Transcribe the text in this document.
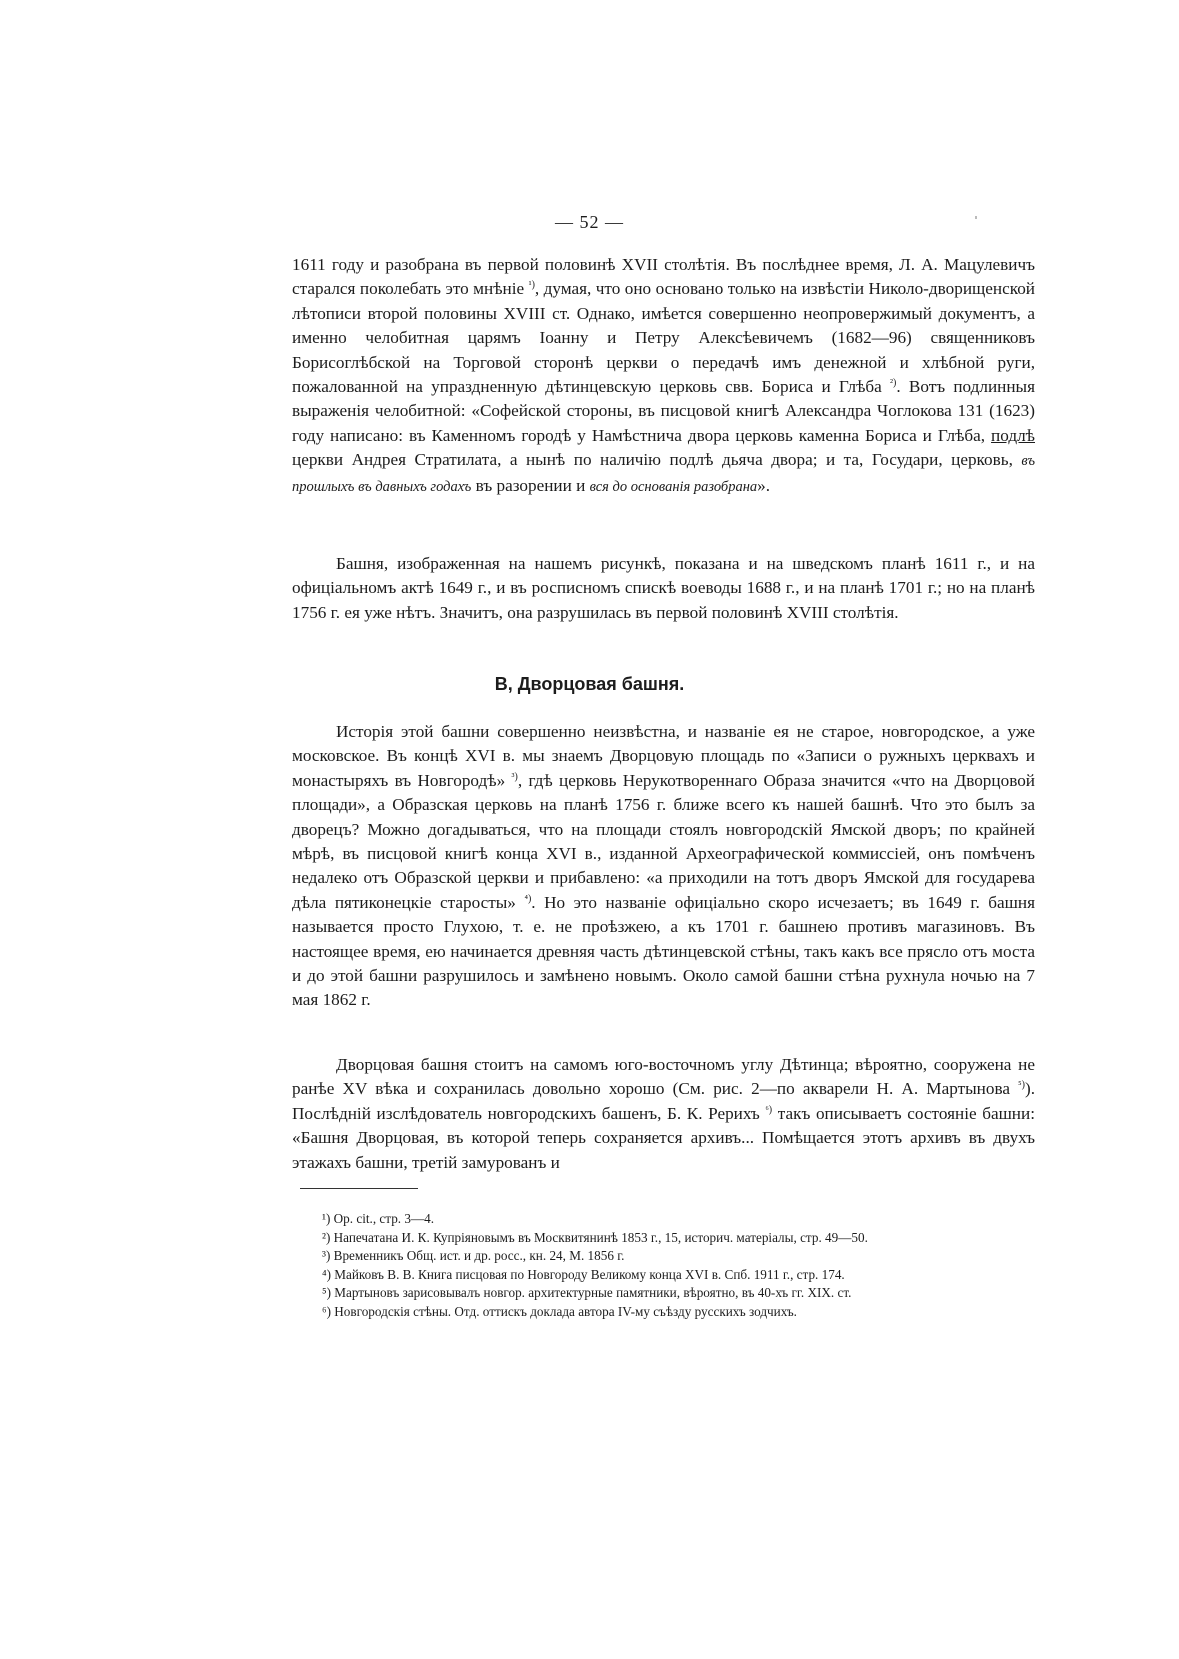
— 52 —

1611 году и разобрана въ первой половинѣ XVII столѣтія. Въ послѣднее время, Л. А. Мацулевичъ старался поколебать это мнѣніе $^{^1)}$, думая, что оно основано только на извѣстіи Николо-дворищенской лѣтописи второй половины XVIII ст. Однако, имѣется совершенно неопровержимый документъ, а именно челобитная царямъ Іоанну и Петру Алексѣевичемъ (1682—96) священниковъ Борисоглѣбской на Торговой сторонѣ церкви о передачѣ имъ денежной и хлѣбной руги, пожалованной на упраздненную дѣтинцевскую церковь свв. Бориса и Глѣба $^{^2)}$. Вотъ подлинныя выраженія челобитной: «Софейской стороны, въ писцовой книгѣ Александра Чоглокова 131 (1623) году написано: въ Каменномъ городѣ у Намѣстнича двора церковь каменна Бориса и Глѣба, подлѣ церкви Андрея Стратилата, а нынѣ по наличію подлѣ дьяча двора; и та, Государи, церковь, въ прошлыхъ въ давныхъ годахъ въ разорении и вся до основанія разобрана».

Башня, изображенная на нашемъ рисункѣ, показана и на шведскомъ планѣ 1611 г., и на офиціальномъ актѣ 1649 г., и въ росписномъ спискѣ воеводы 1688 г., и на планѣ 1701 г.; но на планѣ 1756 г. ея уже нѣтъ. Значитъ, она разрушилась въ первой половинѣ XVIII столѣтія.

В, Дворцовая башня.

Исторія этой башни совершенно неизвѣстна, и названіе ея не старое, новгородское, а уже московское. Въ концѣ XVI в. мы знаемъ Дворцовую площадь по «Записи о ружныхъ церквахъ и монастыряхъ въ Новгородѣ» $^{^3)}$, гдѣ церковь Нерукотвореннаго Образа значится «что на Дворцовой площади», а Образская церковь на планѣ 1756 г. ближе всего къ нашей башнѣ. Что это былъ за дворецъ? Можно догадываться, что на площади стоялъ новгородскій Ямской дворъ; по крайней мѣрѣ, въ писцовой книгѣ конца XVI в., изданной Археографической коммиссіей, онъ помѣченъ недалеко отъ Образской церкви и прибавлено: «а приходили на тотъ дворъ Ямской для государева дѣла пятиконецкіе старосты» $^{^4)}$. Но это названіе офиціально скоро исчезаетъ; въ 1649 г. башня называется просто Глухою, т. е. не проѣзжею, а къ 1701 г. башнею противъ магазиновъ. Въ настоящее время, ею начинается древняя часть дѣтинцевской стѣны, такъ какъ все прясло отъ моста и до этой башни разрушилось и замѣнено новымъ. Около самой башни стѣна рухнула ночью на 7 мая 1862 г.

Дворцовая башня стоитъ на самомъ юго-восточномъ углу Дѣтинца; вѣроятно, сооружена не ранѣе XV вѣка и сохранилась довольно хорошо (См. рис. 2—по акварели Н. А. Мартынова $^{^5)}$). Послѣдній изслѣдователь новгородскихъ башенъ, Б. К. Рерихъ $^{^6)}$ такъ описываетъ состояніе башни: «Башня Дворцовая, въ которой теперь сохраняется архивъ... Помѣщается этотъ архивъ въ двухъ этажахъ башни, третій замурованъ и

¹) Op. cit., стр. 3—4.
²) Напечатана И. К. Купріяновымъ въ Москвитянинѣ 1853 г., 15, историч. матеріалы, стр. 49—50.
³) Временникъ Общ. ист. и др. росс., кн. 24, М. 1856 г.
⁴) Майковъ В. В. Книга писцовая по Новгороду Великому конца XVI в. Спб. 1911 г., стр. 174.
⁵) Мартыновъ зарисовывалъ новгор. архитектурные памятники, вѣроятно, въ 40-хъ гг. XIX. ст.
⁶) Новгородскія стѣны. Отд. оттискъ доклада автора IV-му съѣзду русскихъ зодчихъ.
